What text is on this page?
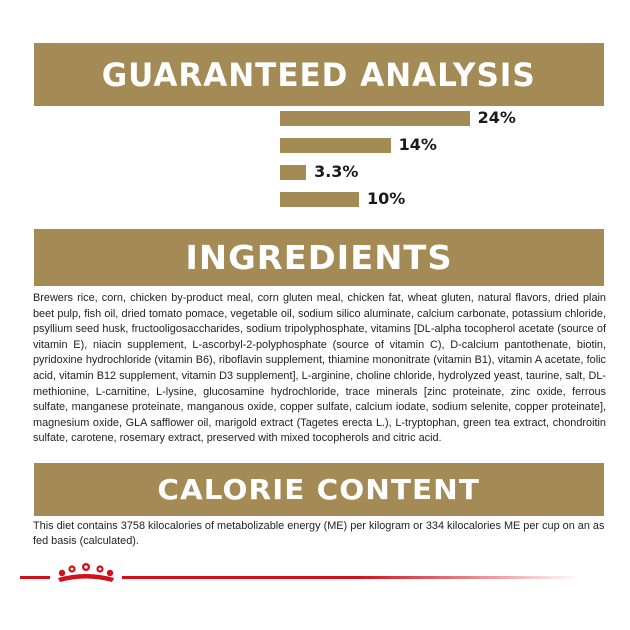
GUARANTEED ANALYSIS
24%
14%
3.3%
10%
INGREDIENTS

Brewers rice, corn, chicken by-product meal, corn gluten meal, chicken fat, wheat gluten, natural flavors, dried plain beet pulp, fish oil, dried tomato pomace, vegetable oil, sodium silico aluminate, calcium carbonate, potassium chloride, psyllium seed husk, fructooligosaccharides, sodium tripolyphosphate, vitamins [DL-alpha tocopherol acetate (source of vitamin E), niacin supplement, L-ascorbyl-2-polyphosphate (source of vitamin C), D-calcium pantothenate, biotin, pyridoxine hydrochloride (vitamin B6), riboflavin supplement, thiamine mononitrate (vitamin B1), vitamin A acetate, folic acid, vitamin B12 supplement, vitamin D3 supplement], L-arginine, choline chloride, hydrolyzed yeast, taurine, salt, DL-methionine, L-carnitine, L-lysine, glucosamine hydrochloride, trace minerals [zinc proteinate, zinc oxide, ferrous sulfate, manganese proteinate, manganous oxide, copper sulfate, calcium iodate, sodium selenite, copper proteinate], magnesium oxide, GLA safflower oil, marigold extract (Tagetes erecta L.), L-tryptophan, green tea extract, chondroitin sulfate, carotene, rosemary extract, preserved with mixed tocopherols and citric acid.

CALORIE CONTENT

This diet contains 3758 kilocalories of metabolizable energy (ME) per kilogram or 334 kilocalories ME per cup on an as fed basis (calculated).
